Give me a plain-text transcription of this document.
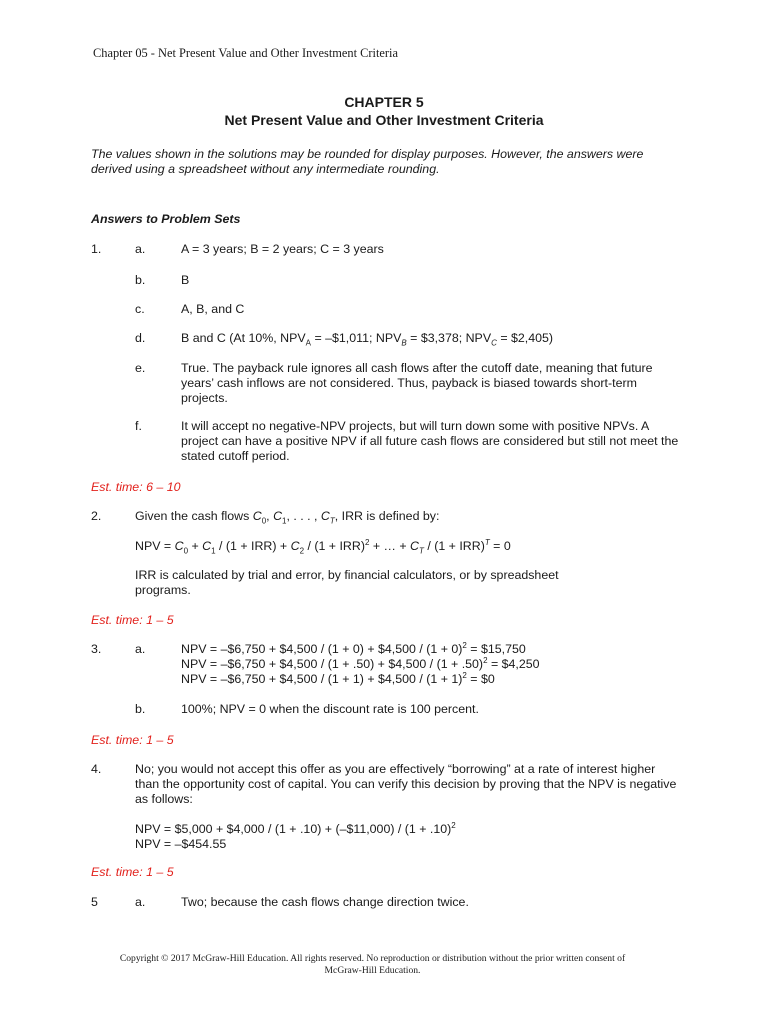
Chapter 05 - Net Present Value and Other Investment Criteria
CHAPTER 5
Net Present Value and Other Investment Criteria
The values shown in the solutions may be rounded for display purposes. However, the answers were derived using a spreadsheet without any intermediate rounding.
Answers to Problem Sets
1.	a.	A = 3 years; B = 2 years; C = 3 years
b.	B
c.	A, B, and C
d.	B and C (At 10%, $NPV_A$ = –$1,011; $NPV_B$ = $3,378; $NPV_C$ = $2,405)
e.	True. The payback rule ignores all cash flows after the cutoff date, meaning that future years’ cash inflows are not considered. Thus, payback is biased towards short-term projects.
f.	It will accept no negative-NPV projects, but will turn down some with positive NPVs. A project can have a positive NPV if all future cash flows are considered but still not meet the stated cutoff period.
Est. time: 6 – 10
2.	Given the cash flows $C_0$, $C_1$, . . . , $C_T$, IRR is defined by:
NPV = $C_0 + C_1 / (1 + IRR) + C_2 / (1 + IRR)^2$ + … + $C_T / (1 + IRR)^T = 0$
IRR is calculated by trial and error, by financial calculators, or by spreadsheet programs.
Est. time: 1 – 5
3.	a.	NPV = –$6,750 + $4,500 / (1 + 0) + $4,500 / $(1 + 0)^2$ = $15,750
NPV = –$6,750 + $4,500 / (1 + .50) + $4,500 / $(1 + .50)^2$ = $4,250
NPV = –$6,750 + $4,500 / (1 + 1) + $4,500 / $(1 + 1)^2$ = $0
b.	100%; NPV = 0 when the discount rate is 100 percent.
Est. time: 1 – 5
4.	No; you would not accept this offer as you are effectively “borrowing” at a rate of interest higher than the opportunity cost of capital. You can verify this decision by proving that the NPV is negative as follows:
NPV = $5,000 + $4,000 / (1 + .10) + (–$11,000) / $(1 + .10)^2$
NPV = –$454.55
Est. time: 1 – 5
5	a.	Two; because the cash flows change direction twice.
Copyright © 2017 McGraw-Hill Education. All rights reserved. No reproduction or distribution without the prior written consent of
McGraw-Hill Education.
